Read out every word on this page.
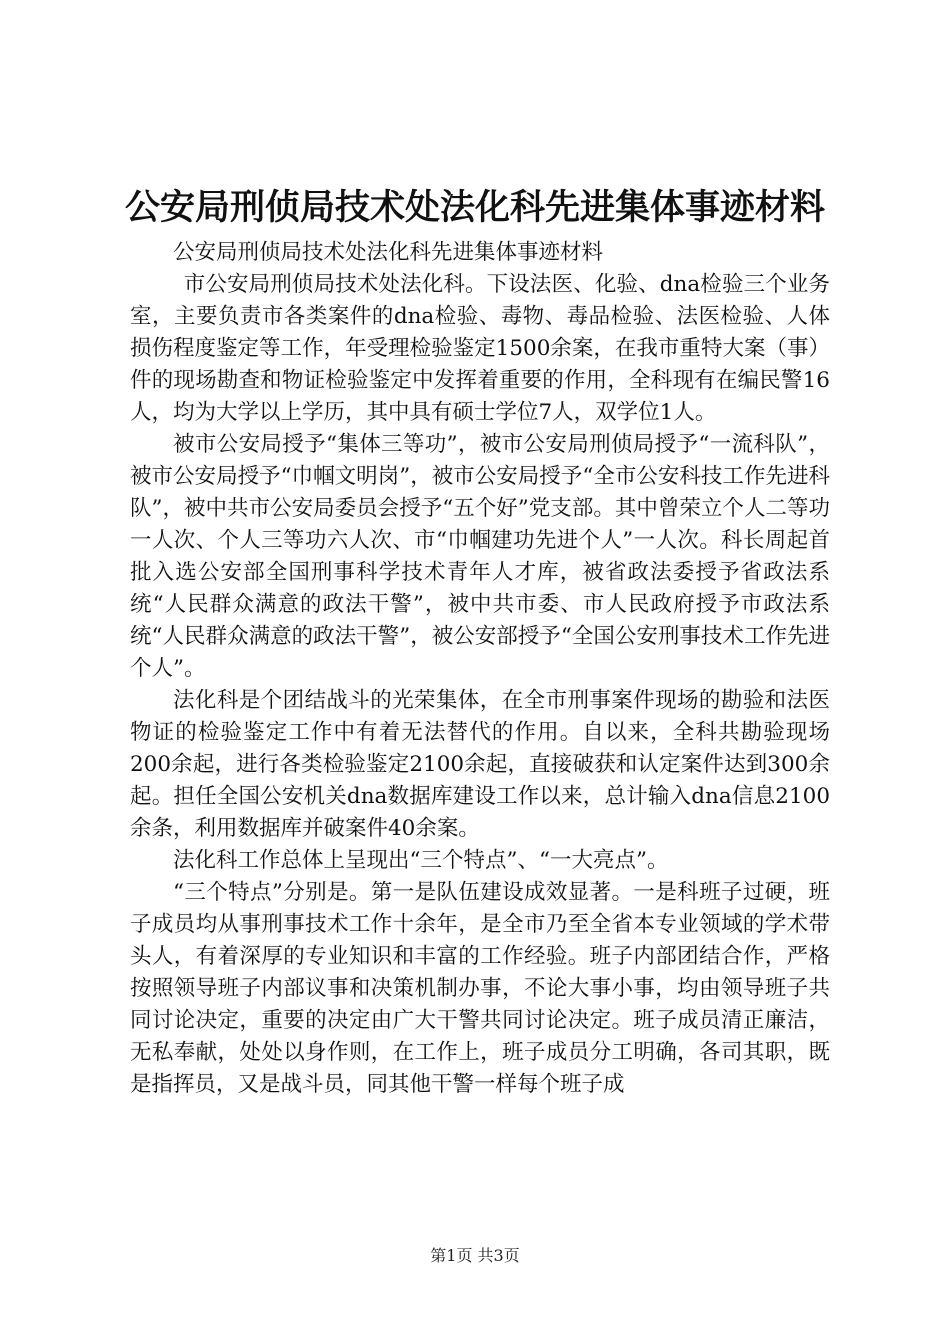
公安局刑侦局技术处法化科先进集体事迹材料

公安局刑侦局技术处法化科先进集体事迹材料

市公安局刑侦局技术处法化科。下设法医、化验、dna检验三个业务室，主要负责市各类案件的dna检验、毒物、毒品检验、法医检验、人体损伤程度鉴定等工作，年受理检验鉴定1500余案，在我市重特大案（事）件的现场勘查和物证检验鉴定中发挥着重要的作用，全科现有在编民警16人，均为大学以上学历，其中具有硕士学位7人，双学位1人。

被市公安局授予“集体三等功”，被市公安局刑侦局授予“一流科队”，被市公安局授予“巾帼文明岗”，被市公安局授予“全市公安科技工作先进科队”，被中共市公安局委员会授予“五个好”党支部。其中曾荣立个人二等功一人次、个人三等功六人次、市“巾帼建功先进个人”一人次。科长周起首批入选公安部全国刑事科学技术青年人才库，被省政法委授予省政法系统“人民群众满意的政法干警”，被中共市委、市人民政府授予市政法系统“人民群众满意的政法干警”，被公安部授予“全国公安刑事技术工作先进个人”。

法化科是个团结战斗的光荣集体，在全市刑事案件现场的勘验和法医物证的检验鉴定工作中有着无法替代的作用。自以来，全科共勘验现场200余起，进行各类检验鉴定2100余起，直接破获和认定案件达到300余起。担任全国公安机关dna数据库建设工作以来，总计输入dna信息2100余条，利用数据库并破案件40余案。

法化科工作总体上呈现出“三个特点”、“一大亮点”。

“三个特点”分别是。第一是队伍建设成效显著。一是科班子过硬，班子成员均从事刑事技术工作十余年，是全市乃至全省本专业领域的学术带头人，有着深厚的专业知识和丰富的工作经验。班子内部团结合作，严格按照领导班子内部议事和决策机制办事，不论大事小事，均由领导班子共同讨论决定，重要的决定由广大干警共同讨论决定。班子成员清正廉洁，无私奉献，处处以身作则，在工作上，班子成员分工明确，各司其职，既是指挥员，又是战斗员，同其他干警一样每个班子成

第1页 共3页
